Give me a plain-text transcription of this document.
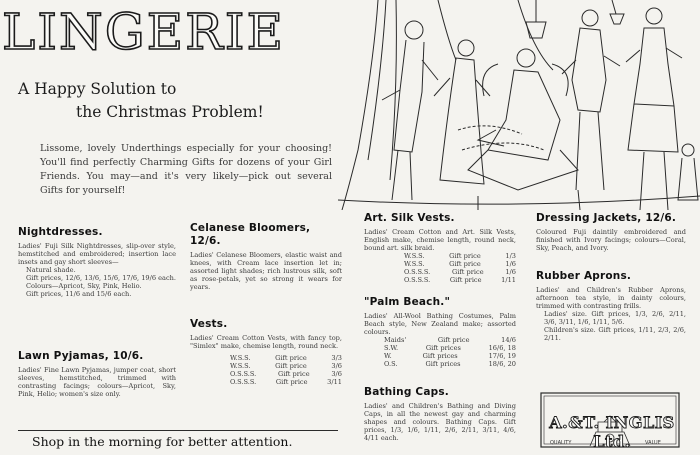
LINGERIE
A Happy Solution to
the Christmas Problem!
Lissome, lovely Underthings especially for your choosing! You'll find perfectly Charming Gifts for dozens of your Girl Friends. You may—and it's very likely—pick out several Gifts for yourself!
Nightdresses.

Ladies' Fuji Silk Nightdresses, slip-over style, hemstitched and embroidered; insertion lace insets and gay short sleeves—

Natural shade.

Gift prices, 12/6, 13/6, 15/6, 17/6, 19/6 each.

Colours—Apricot, Sky, Pink, Helio.

Gift prices, 11/6 and 15/6 each.

Lawn Pyjamas, 10/6.

Ladies' Fine Lawn Pyjamas, jumper coat, short sleeves, hemstitched, trimmed with contrasting facings; colours—Apricot, Sky, Pink, Helio; women's size only.

Celanese Bloomers, 12/6.

Ladies' Celanese Bloomers, elastic waist and knees, with Cream lace insertion let in; assorted light shades; rich lustrous silk, soft as rose-petals, yet so strong it wears for years.

Vests.

Ladies' Cream Cotton Vests, with fancy top, "Simlex" make, chemise length, round neck.

W.S.S.	Gift price	3/3
W.S.S.	Gift price	3/6
O.S.S.S.	Gift price	3/6
O.S.S.S.	Gift price	3/11
Art. Silk Vests.

Ladies' Cream Cotton and Art. Silk Vests, English make, chemise length, round neck, bound art. silk braid.

W.S.S.	Gift price	1/3
W.S.S.	Gift price	1/6
O.S.S.S.	Gift price	1/6
O.S.S.S.	Gift price	1/11
"Palm Beach."

Ladies' All-Wool Bathing Costumes, Palm Beach style, New Zealand make; assorted colours.

Maids'	Gift price	14/6
S.W.	Gift prices	16/6, 18
W.	Gift prices	17/6, 19
O.S.	Gift prices	18/6, 20
Bathing Caps.

Ladies' and Children's Bathing and Diving Caps, in all the newest gay and charming shapes and colours. Bathing Caps. Gift prices, 1/3, 1/6, 1/11, 2/6, 2/11, 3/11, 4/6, 4/11 each.

Dressing Jackets, 12/6.

Coloured Fuji daintily embroidered and finished with Ivory facings; colours—Coral, Sky, Peach, and Ivory.

Rubber Aprons.

Ladies' and Children's Rubber Aprons, afternoon tea style, in dainty colours, trimmed with contrasting frills.

Ladies' size. Gift prices, 1/3, 2/6, 2/11, 3/6, 3/11, 1/6, 1/11, 5/6.

Children's size. Gift prices, 1/11, 2/3, 2/6, 2/11.

A.&T. INGLIS Ltd.
QUALITY	VALUE
Shop in the morning for better attention.
